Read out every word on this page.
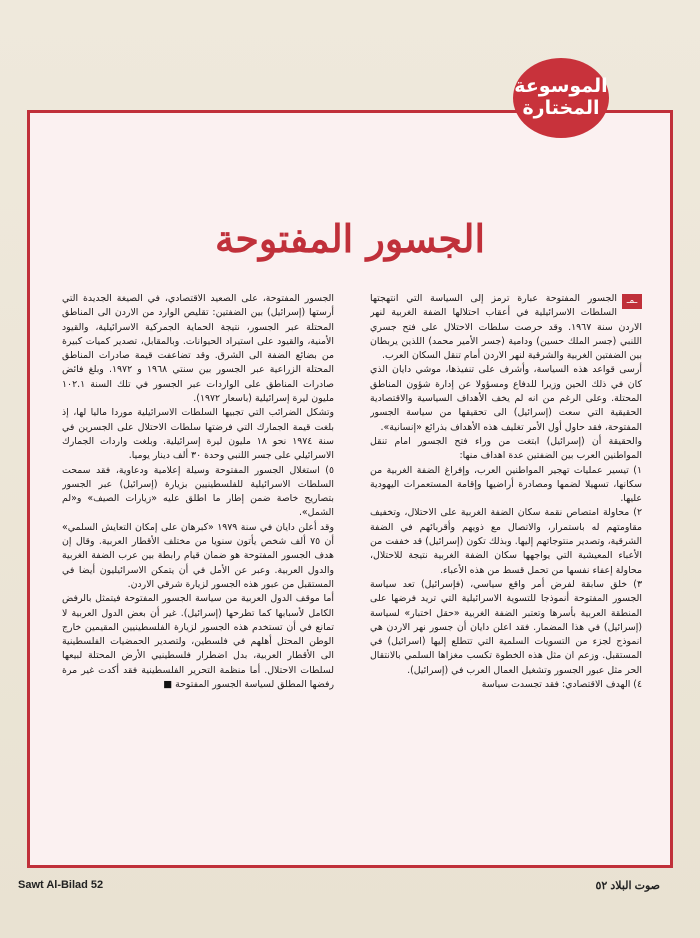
الموسوعة
المختارة
الجسور المفتوحة

ـمـ
الجسور المفتوحة عبارة ترمز إلى السياسة التي انتهجتها السلطات الاسرائيلية في أعقاب احتلالها الضفة الغربية لنهر الاردن سنة ١٩٦٧. وقد حرصت سلطات الاحتلال على فتح جسري اللنبي (جسر الملك حسين) ودامية (جسر الأمير محمد) اللذين يربطان بين الضفتين الغربية والشرقية لنهر الاردن أمام تنقل السكان العرب.

أرسى قواعد هذه السياسة، وأشرف على تنفيذها، موشي دايان الذي كان في ذلك الحين وزيرا للدفاع ومسؤولا عن إدارة شؤون المناطق المحتلة. وعلى الرغم من انه لم يخف الأهداف السياسية والاقتصادية الحقيقية التي سعت (إسرائيل) الى تحقيقها من سياسة الجسور المفتوحة، فقد حاول أول الأمر تغليف هذه الأهداف بذرائع «إنسانية».

والحقيقة أن (إسرائيل) ابتغت من وراء فتح الجسور امام تنقل المواطنين العرب بين الضفتين عدة اهداف منها:

١) تيسير عمليات تهجير المواطنين العرب، وإفراغ الضفة الغربية من سكانها، تسهيلا لضمها ومصادرة أراضيها وإقامة المستعمرات اليهودية عليها.

٢) محاولة امتصاص نقمة سكان الضفة الغربية على الاحتلال، وتخفيف مقاومتهم له باستمرار، والاتصال مع ذويهم وأقربائهم في الضفة الشرقية، وتصدير منتوجاتهم إليها. وبذلك تكون (إسرائيل) قد خففت من الأعباء المعيشية التي يواجهها سكان الضفة الغربية نتيجة للاحتلال، محاولة إعفاء نفسها من تحمل قسط من هذه الأعباء.

٣) خلق سابقة لفرض أمر واقع سياسي، (فإسرائيل) تعد سياسة الجسور المفتوحة أنموذجا للتسوية الاسرائيلية التي تريد فرضها على المنطقة العربية بأسرها وتعتبر الضفة الغربية «حقل اختبار» لسياسة (إسرائيل) في هذا المضمار. فقد اعلن دايان أن جسور نهر الاردن هي انموذج لجزء من التسويات السلمية التي تتطلع إليها (اسرائيل) في المستقبل. وزعم ان مثل هذه الخطوة تكسب مغزاها السلمي بالانتقال الحر مثل عبور الجسور وتشغيل العمال العرب في (إسرائيل).

٤) الهدف الاقتصادي: فقد تجسدت سياسة

الجسور المفتوحة، على الصعيد الاقتصادي، في الصيغة الجديدة التي أرستها (إسرائيل) بين الضفتين: تقليص الوارد من الاردن الى المناطق المحتلة عبر الجسور، نتيجة الحماية الجمركية الاسرائيلية، والقيود الأمنية، والقيود على استيراد الحيوانات. وبالمقابل، تصدير كميات كبيرة من بضائع الضفة الى الشرق. وقد تضاعفت قيمة صادرات المناطق المحتلة الزراعية عبر الجسور بين سنتي ١٩٦٨ و ١٩٧٢. وبلغ فائض صادرات المناطق على الواردات عبر الجسور في تلك السنة ١٠٢.١ مليون ليرة إسرائيلية (باسعار ١٩٧٢).

وتشكل الضرائب التي تجبيها السلطات الاسرائيلية موردا ماليا لها، إذ بلغت قيمة الجمارك التي فرضتها سلطات الاحتلال على الجسرين في سنة ١٩٧٤ نحو ١٨ مليون ليرة إسرائيلية. وبلغت واردات الجمارك الاسرائيلي على جسر اللنبي وحدة ٣٠ ألف دينار يوميا.

٥) استغلال الجسور المفتوحة وسيلة إعلامية ودعاوية، فقد سمحت السلطات الاسرائيلية للفلسطينيين بزيارة (إسرائيل) عبر الجسور بتصاريح خاصة ضمن إطار ما اطلق عليه «زيارات الصيف» و«لم الشمل».

وقد أعلن دايان في سنة ١٩٧٩ «كبرهان على إمكان التعايش السلمي» أن ٧٥ ألف شخص يأتون سنويا من مختلف الأقطار العربية. وقال إن هدف الجسور المفتوحة هو ضمان قيام رابطة بين عرب الضفة الغربية والدول العربية. وعبر عن الأمل في أن يتمكن الاسرائيليون أيضا في المستقبل من عبور هذه الجسور لزيارة شرقي الاردن.

أما موقف الدول العربية من سياسة الجسور المفتوحة فيتمثل بالرفض الكامل لأسبابها كما تطرحها (إسرائيل). غير أن بعض الدول العربية لا تمانع في أن تستخدم هذه الجسور لزيارة الفلسطينيين المقيمين خارج الوطن المحتل أهلهم في فلسطين، ولتصدير الحمضيات الفلسطينية الى الأقطار العربية، بدل اضطرار فلسطينيي الأرض المحتلة لبيعها لسلطات الاحتلال. أما منظمة التحرير الفلسطينية فقد أكدت غير مرة رفضها المطلق لسياسة الجسور المفتوحة ■

Sawt Al-Bilad 52	صوت البلاد ٥٢
